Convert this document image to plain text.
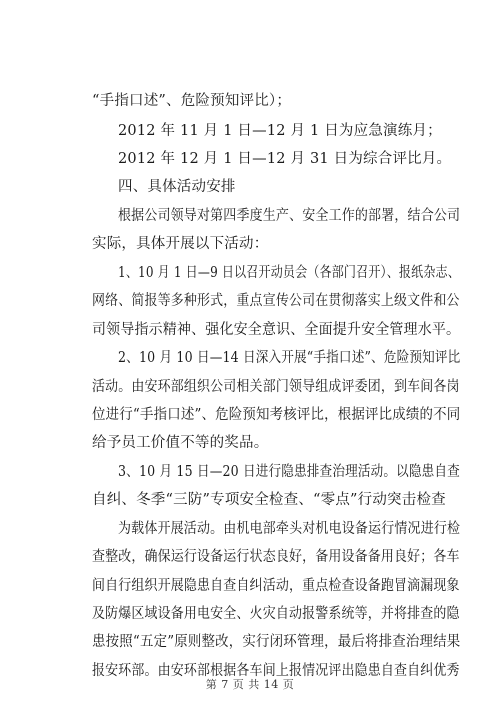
“手指口述”、危险预知评比）；
2012 年 11 月 1 日—12 月 1 日为应急演练月；
2012 年 12 月 1 日—12 月 31 日为综合评比月。
四、具体活动安排
根据公司领导对第四季度生产、安全工作的部署，结合公司
实际，具体开展以下活动：
1、10 月 1 日—9 日以召开动员会（各部门召开）、报纸杂志、
网络、简报等多种形式，重点宣传公司在贯彻落实上级文件和公
司领导指示精神、强化安全意识、全面提升安全管理水平。
2、10 月 10 日—14 日深入开展“手指口述”、危险预知评比
活动。由安环部组织公司相关部门领导组成评委团，到车间各岗
位进行“手指口述”、危险预知考核评比，根据评比成绩的不同
给予员工价值不等的奖品。
3、10 月 15 日—20 日进行隐患排查治理活动。以隐患自查
自纠、冬季“三防”专项安全检查、“零点”行动突击检查
为载体开展活动。由机电部牵头对机电设备运行情况进行检
查整改，确保运行设备运行状态良好，备用设备备用良好；各车
间自行组织开展隐患自查自纠活动，重点检查设备跑冒滴漏现象
及防爆区域设备用电安全、火灾自动报警系统等，并将排查的隐
患按照“五定”原则整改，实行闭环管理，最后将排查治理结果
报安环部。由安环部根据各车间上报情况评出隐患自查自纠优秀
第 7 页 共 14 页
